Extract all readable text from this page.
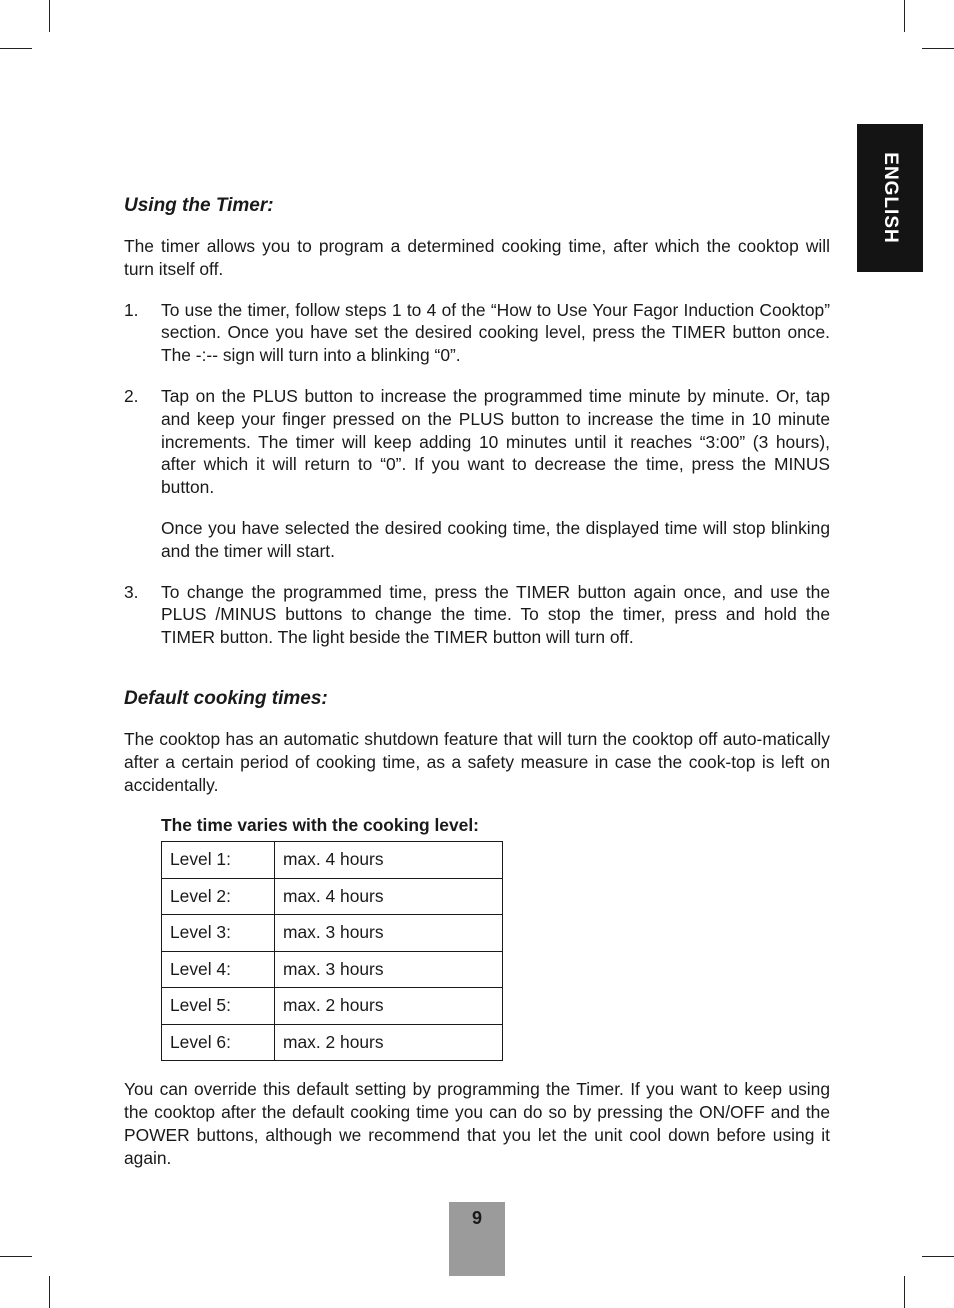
ENGLISH
Using the Timer:

The timer allows you to program a determined cooking time, after which the cooktop will turn itself off.

1.	To use the timer, follow steps 1 to 4 of the “How to Use Your Fagor Induction Cooktop” section. Once you have set the desired cooking level, press the TIMER button once. The -:-- sign will turn into a blinking “0”.
2.	Tap on the PLUS button to increase the programmed time minute by minute. Or, tap and keep your finger pressed on the PLUS button to increase the time in 10 minute increments. The timer will keep adding 10 minutes until it reaches “3:00” (3 hours), after which it will return to “0”. If you want to decrease the time, press the MINUS button.

Once you have selected the desired cooking time, the displayed time will stop blinking and the timer will start.

3.	To change the programmed time, press the TIMER button again once, and use the PLUS /MINUS buttons to change the time. To stop the timer, press and hold the TIMER button. The light beside the TIMER button will turn off.
Default cooking times:

The cooktop has an automatic shutdown feature that will turn the cooktop off auto-matically after a certain period of cooking time, as a safety measure in case the cook-top is left on accidentally.

The time varies with the cooking level:
Level 1:	max. 4 hours
Level 2:	max. 4 hours
Level 3:	max. 3 hours
Level 4:	max. 3 hours
Level 5:	max. 2 hours
Level 6:	max. 2 hours

You can override this default setting by programming the Timer. If you want to keep using the cooktop after the default cooking time you can do so by pressing the ON/OFF and the POWER buttons, although we recommend that you let the unit cool down before using it again.

9
